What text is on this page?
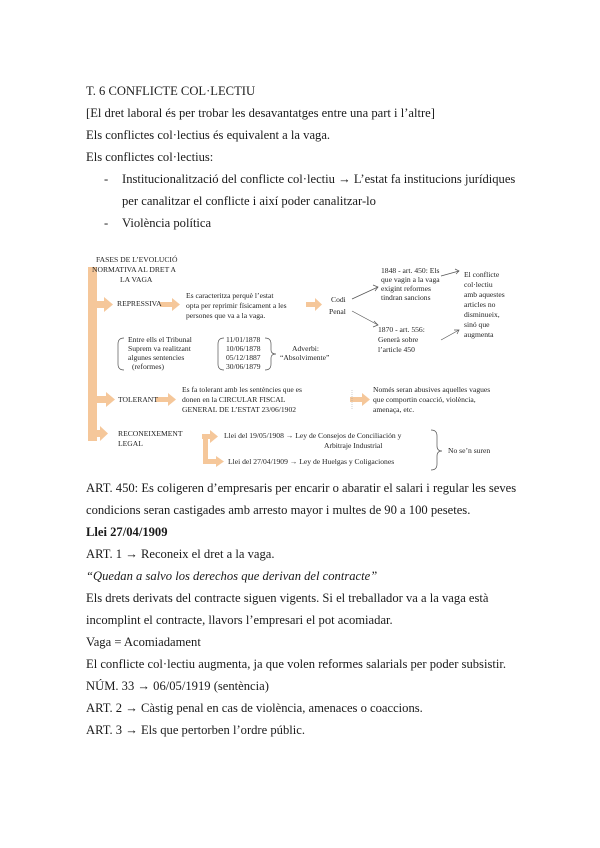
T. 6 CONFLICTE COL·LECTIU
[El dret laboral és per trobar les desavantatges entre una part i l’altre]
Els conflictes col·lectius és equivalent a la vaga.
Els conflictes col·lectius:
- Institucionalització del conflicte col·lectiu → L’estat fa institucions jurídiques
per canalitzar el conflicte i així poder canalitzar-lo
- Violència política
FASES DE L’EVOLUCIÓ
NORMATIVA AL DRET A
LA VAGA
REPRESSIVA
Es caracteritza perquè l’estat
opta per reprimir físicament a les
persones que va a la vaga.
Codi
Penal
1848 - art. 450: Els
que vagin a la vaga
exigint reformes
tindran sancions
El conflicte
col·lectiu
amb aquestes
articles no
disminueix,
sinó que
augmenta
1870 - art. 556:
Generà sobre
l’article 450
Entre ells el Tribunal
Suprem va realitzant
algunes sentencies
(reformes)
11/01/1878
10/06/1878
05/12/1887
30/06/1879
Adverbi:
“Absolvimente”
TOLERANT
Es fa tolerant amb les sentències que es
donen en la CIRCULAR FISCAL
GENERAL DE L’ESTAT 23/06/1902
Només seran abusives aquelles vagues
que comportin coacció, violència,
amenaça, etc.
RECONEIXEMENT
LEGAL
Llei del 19/05/1908 → Ley de Consejos de Conciliación y
Arbitraje Industrial
Llei del 27/04/1909 → Ley de Huelgas y Coligaciones
No se’n suren
ART. 450: Es coligeren d’empresaris per encarir o abaratir el salari i regular les seves
condicions seran castigades amb arresto mayor i multes de 90 a 100 pesetes.
Llei 27/04/1909
ART. 1 → Reconeix el dret a la vaga.
“Quedan a salvo los derechos que derivan del contracte”
Els drets derivats del contracte siguen vigents. Si el treballador va a la vaga està
incomplint el contracte, llavors l’empresari el pot acomiadar.
Vaga = Acomiadament
El conflicte col·lectiu augmenta, ja que volen reformes salarials per poder subsistir.
NÚM. 33 → 06/05/1919 (sentència)
ART. 2 → Càstig penal en cas de violència, amenaces o coaccions.
ART. 3 → Els que pertorben l’ordre públic.
